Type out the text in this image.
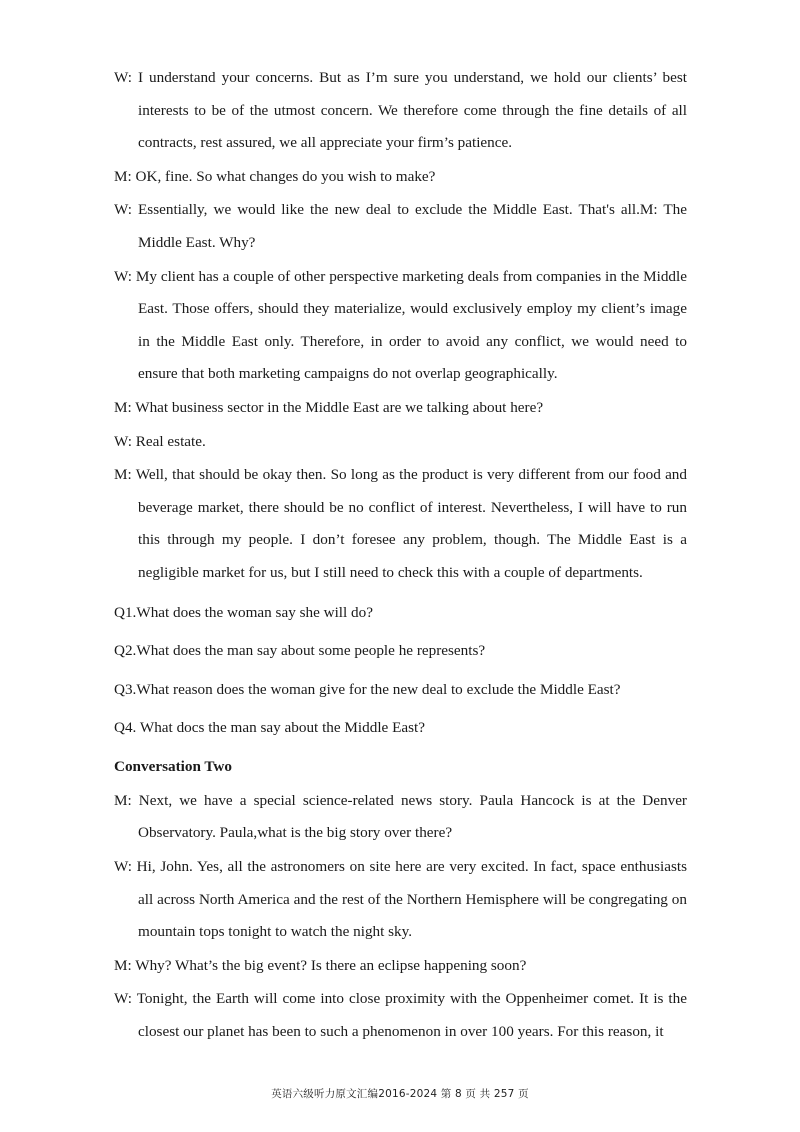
W: I understand your concerns. But as I’m sure you understand, we hold our clients’ best interests to be of the utmost concern. We therefore come through the fine details of all contracts, rest assured, we all appreciate your firm’s patience.

M: OK, fine. So what changes do you wish to make?

W: Essentially, we would like the new deal to exclude the Middle East. That's all.M: The Middle East. Why?

W: My client has a couple of other perspective marketing deals from companies in the Middle East. Those offers, should they materialize, would exclusively employ my client’s image in the Middle East only. Therefore, in order to avoid any conflict, we would need to ensure that both marketing campaigns do not overlap geographically.

M: What business sector in the Middle East are we talking about here?

W: Real estate.

M: Well, that should be okay then. So long as the product is very different from our food and beverage market, there should be no conflict of interest. Nevertheless, I will have to run this through my people. I don’t foresee any problem, though. The Middle East is a negligible market for us, but I still need to check this with a couple of departments.

Q1.What does the woman say she will do?

Q2.What does the man say about some people he represents?

Q3.What reason does the woman give for the new deal to exclude the Middle East?

Q4. What docs the man say about the Middle East?

Conversation Two

M: Next, we have a special science-related news story. Paula Hancock is at the Denver Observatory. Paula,what is the big story over there?

W: Hi, John. Yes, all the astronomers on site here are very excited. In fact, space enthusiasts all across North America and the rest of the Northern Hemisphere will be congregating on mountain tops tonight to watch the night sky.

M: Why? What’s the big event? Is there an eclipse happening soon?

W: Tonight, the Earth will come into close proximity with the Oppenheimer comet. It is the closest our planet has been to such a phenomenon in over 100 years. For this reason, it

英语六级听力原文汇编2016-2024 第 8 页 共 257 页
